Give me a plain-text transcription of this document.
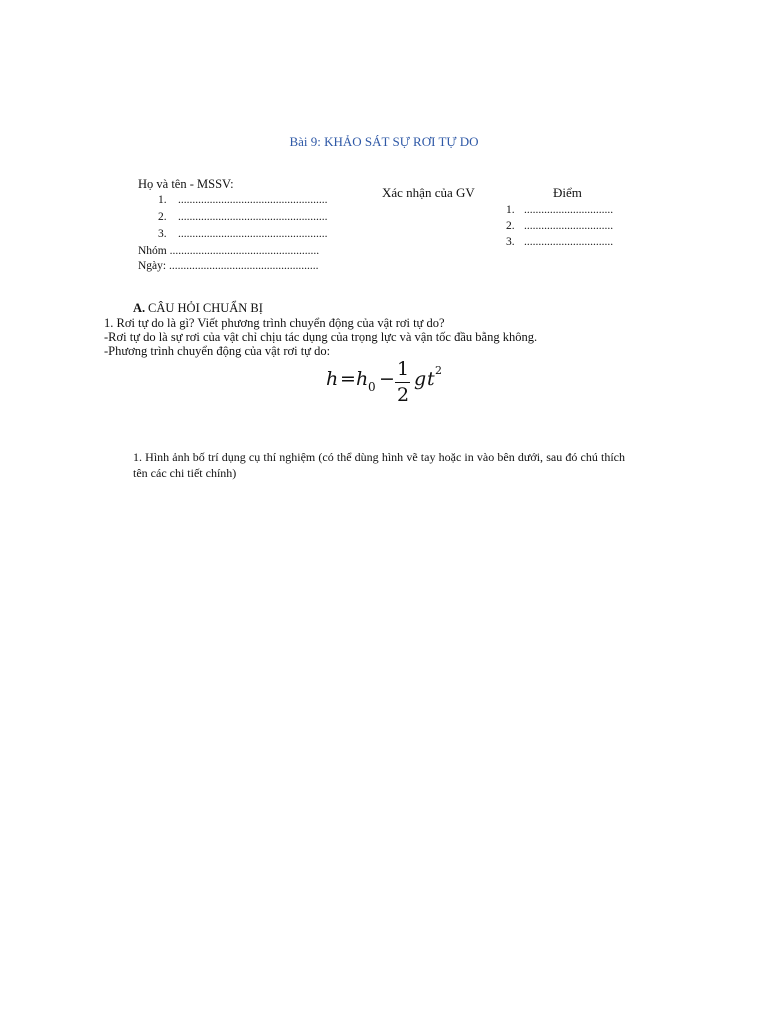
Bài 9: KHẢO SÁT SỰ RƠI TỰ DO
Họ và tên - MSSV:
1. ....................................................
2. ....................................................
3. ....................................................
Nhóm ....................................................
Ngày: ....................................................
Xác nhận của GV	Điểm
1. ...............................
2. ...............................
3. ...............................
A. CÂU HỎI CHUẨN BỊ
1. Rơi tự do là gì? Viết phương trình chuyển động của vật rơi tự do?
-Rơi tự do là sự rơi của vật chỉ chịu tác dụng của trọng lực và vận tốc đầu bằng không.
-Phương trình chuyển động của vật rơi tự do:
h = h 0 − 1
2
g t 2
1. Hình ảnh bố trí dụng cụ thí nghiệm (có thể dùng hình vẽ tay hoặc in vào bên dưới, sau đó chú thích tên các chi tiết chính)
